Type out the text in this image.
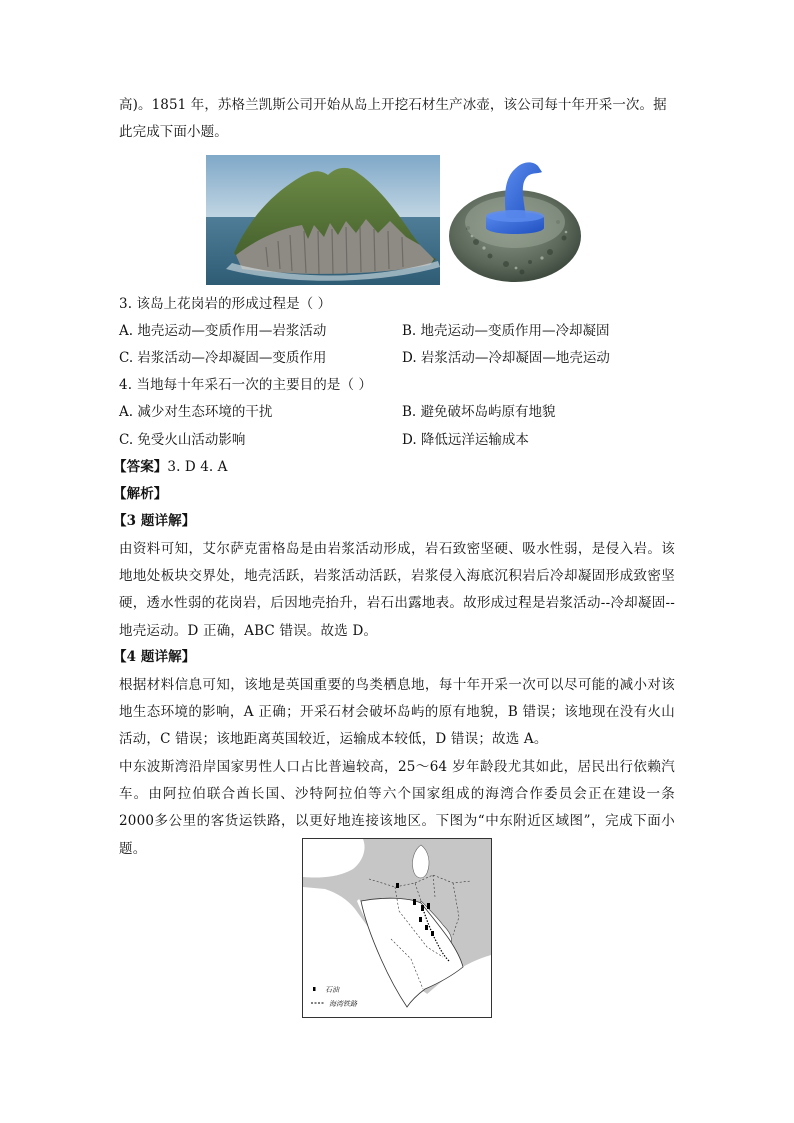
高)。1851 年，苏格兰凯斯公司开始从岛上开挖石材生产冰壶，该公司每十年开采一次。据
此完成下面小题。
3. 该岛上花岗岩的形成过程是（ ）
A. 地壳运动—变质作用—岩浆活动	B. 地壳运动—变质作用—冷却凝固
C. 岩浆活动—冷却凝固—变质作用	D. 岩浆活动—冷却凝固—地壳运动
4. 当地每十年采石一次的主要目的是（ ）
A. 减少对生态环境的干扰	B. 避免破坏岛屿原有地貌
C. 免受火山活动影响	D. 降低远洋运输成本
【答案】3. D 4. A
【解析】
【3 题详解】
由资料可知，艾尔萨克雷格岛是由岩浆活动形成，岩石致密坚硬、吸水性弱，是侵入岩。该地地处板块交界处，地壳活跃，岩浆活动活跃，岩浆侵入海底沉积岩后冷却凝固形成致密坚硬，透水性弱的花岗岩，后因地壳抬升，岩石出露地表。故形成过程是岩浆活动--冷却凝固--地壳运动。D 正确，ABC 错误。故选 D。
【4 题详解】
根据材料信息可知，该地是英国重要的鸟类栖息地，每十年开采一次可以尽可能的减小对该地生态环境的影响，A 正确；开采石材会破坏岛屿的原有地貌，B 错误；该地现在没有火山活动，C 错误；该地距离英国较近，运输成本较低，D 错误；故选 A。
中东波斯湾沿岸国家男性人口占比普遍较高，25～64 岁年龄段尤其如此，居民出行依赖汽车。由阿拉伯联合酋长国、沙特阿拉伯等六个国家组成的海湾合作委员会正在建设一条 2000多公里的客货运铁路，以更好地连接该地区。下图为“中东附近区域图”，完成下面小题。
石油
海湾铁路
